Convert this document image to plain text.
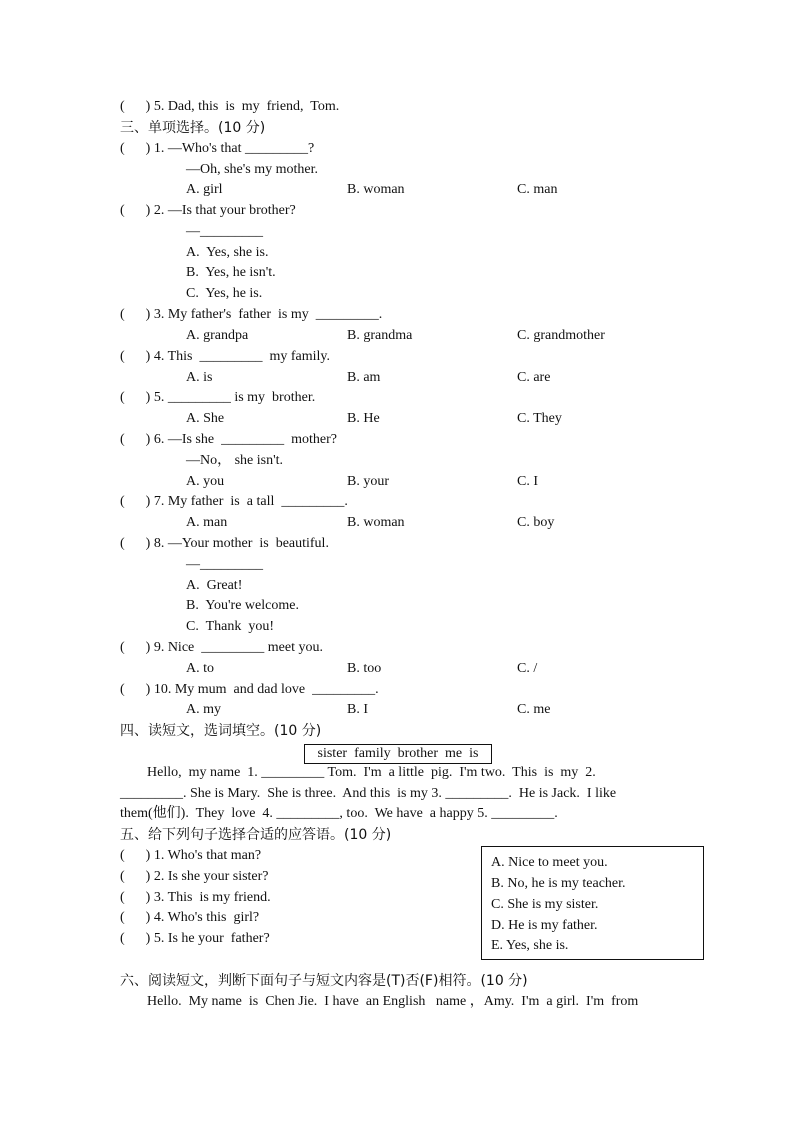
(      ) 5. Dad, this  is  my  friend,  Tom.
三、单项选择。(10 分)
(      ) 1. —Who's that _________?
—Oh, she's my mother.
A. girl	B. woman	C. man
(      ) 2. —Is that your brother?
—_________
A.  Yes, she is.
B.  Yes, he isn't.
C.  Yes, he is.
(      ) 3. My father's  father  is my  _________.
A. grandpa	B. grandma	C. grandmother
(      ) 4. This  _________  my family.
A. is	B. am	C. are
(      ) 5. _________ is my  brother.
A. She	B. He	C. They
(      ) 6. —Is she  _________  mother?
—No， she isn't.
A. you	B. your	C. I
(      ) 7. My father  is  a tall  _________.
A. man	B. woman	C. boy
(      ) 8. —Your mother  is  beautiful.
—_________
A.  Great!
B.  You're welcome.
C.  Thank  you!
(      ) 9. Nice  _________ meet you.
A. to	B. too	C. /
(      ) 10. My mum  and dad love  _________.
A. my	B. I	C. me
四、读短文，选词填空。(10 分)
sister  family  brother  me  is
Hello,  my name  1. _________ Tom.  I'm  a little  pig.  I'm two.  This  is  my  2.
_________. She is Mary.  She is three.  And this  is my 3. _________.  He is Jack.  I like
them(他们).  They  love  4. _________, too.  We have  a happy 5. _________.
五、给下列句子选择合适的应答语。(10 分)
(      ) 1. Who's that man?
(      ) 2. Is she your sister?
(      ) 3. This  is my friend.
(      ) 4. Who's this  girl?
(      ) 5. Is he your  father?
A. Nice to meet you.
B. No, he is my teacher.
C. She is my sister.
D. He is my father.
E. Yes, she is.
六、阅读短文，判断下面句子与短文内容是(T)否(F)相符。(10 分)
Hello.  My name  is  Chen Jie.  I have  an English   name ，Amy.  I'm  a girl.  I'm  from
